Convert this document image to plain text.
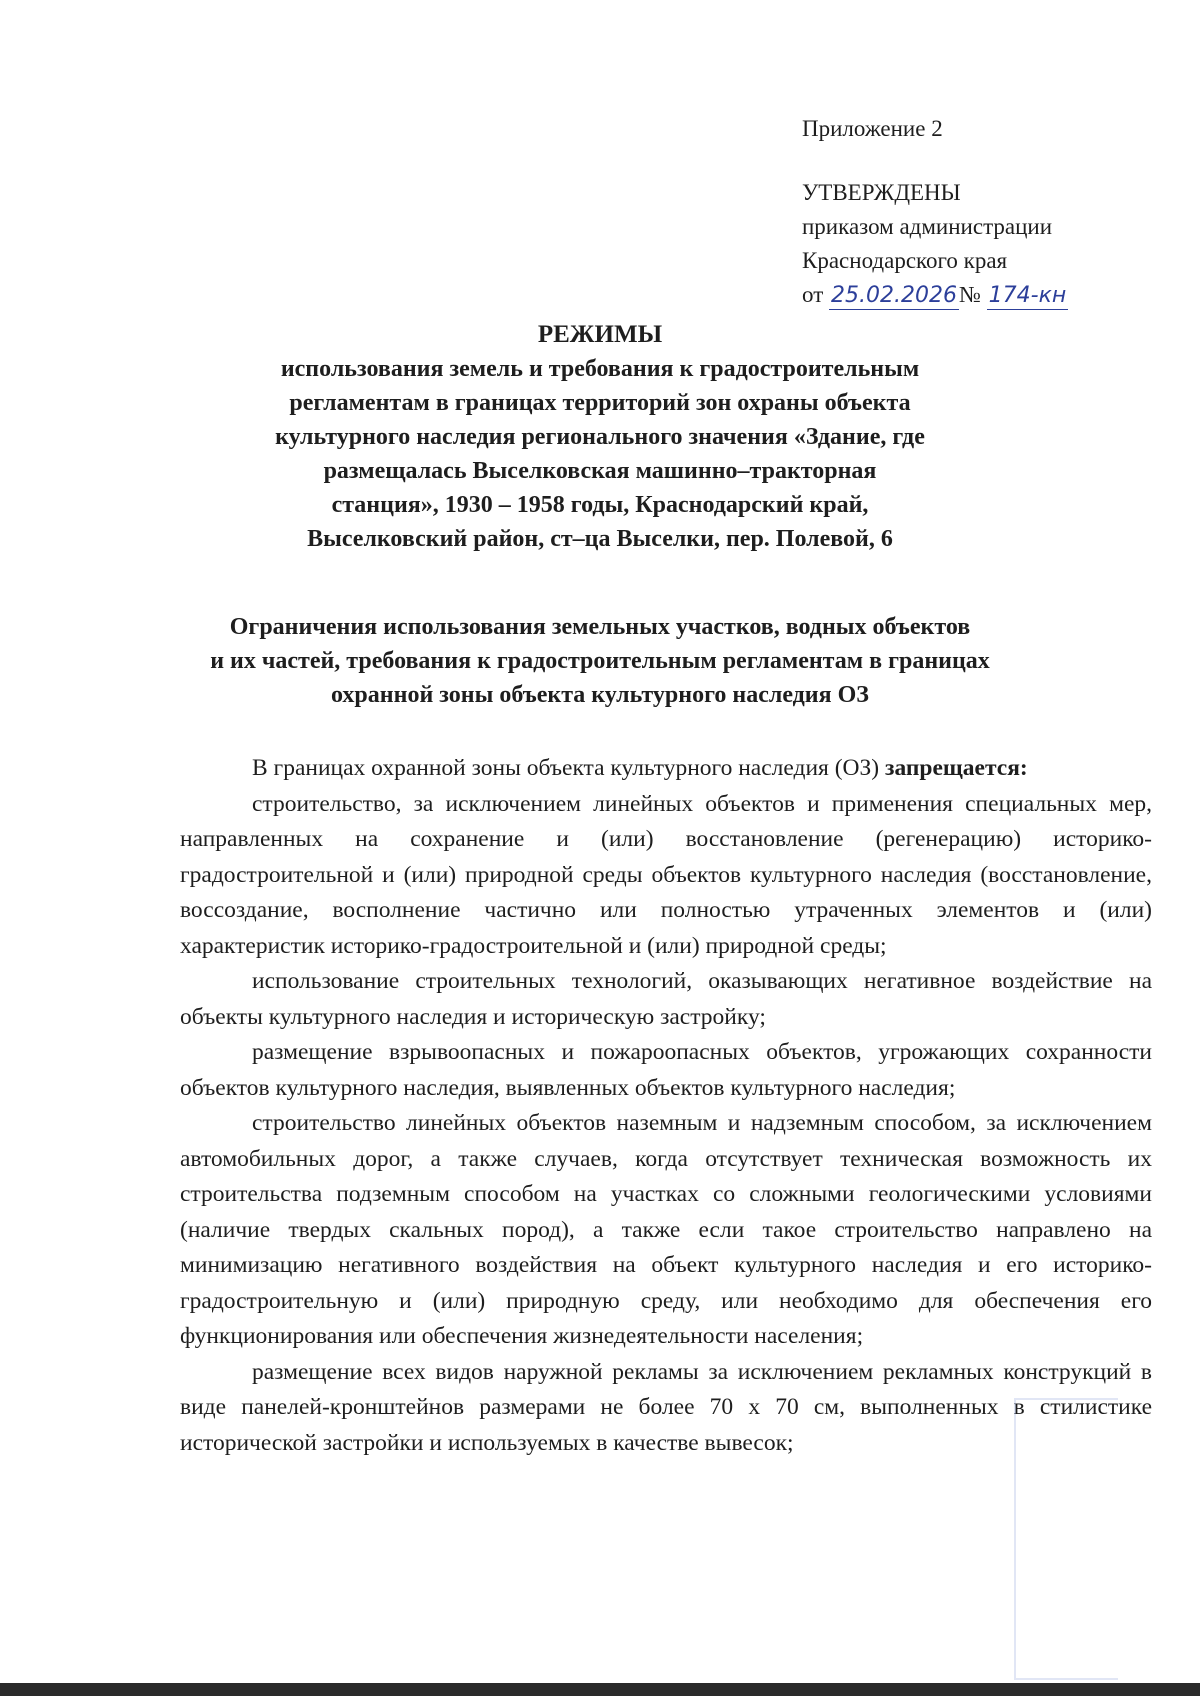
Приложение 2
УТВЕРЖДЕНЫ
приказом администрации
Краснодарского края
от 25.02.2026№ 174-кн
РЕЖИМЫ
использования земель и требования к градостроительным
регламентам в границах территорий зон охраны объекта
культурного наследия регионального значения «Здание, где
размещалась Выселковская машинно–тракторная
станция», 1930 – 1958 годы, Краснодарский край,
Выселковский район, ст–ца Выселки, пер. Полевой, 6
Ограничения использования земельных участков, водных объектов
и их частей, требования к градостроительным регламентам в границах
охранной зоны объекта культурного наследия ОЗ

В границах охранной зоны объекта культурного наследия (ОЗ) запрещается:

строительство, за исключением линейных объектов и применения специальных мер, направленных на сохранение и (или) восстановление (регенерацию) историко-градостроительной и (или) природной среды объектов культурного наследия (восстановление, воссоздание, восполнение частично или полностью утраченных элементов и (или) характеристик историко-градостроительной и (или) природной среды;

использование строительных технологий, оказывающих негативное воздействие на объекты культурного наследия и историческую застройку;

размещение взрывоопасных и пожароопасных объектов, угрожающих сохранности объектов культурного наследия, выявленных объектов культурного наследия;

строительство линейных объектов наземным и надземным способом, за исключением автомобильных дорог, а также случаев, когда отсутствует техническая возможность их строительства подземным способом на участках со сложными геологическими условиями (наличие твердых скальных пород), а также если такое строительство направлено на минимизацию негативного воздействия на объект культурного наследия и его историко-градостроительную и (или) природную среду, или необходимо для обеспечения его функционирования или обеспечения жизнедеятельности населения;

размещение всех видов наружной рекламы за исключением рекламных конструкций в виде панелей-кронштейнов размерами не более 70 x 70 см, выполненных в стилистике исторической застройки и используемых в качестве вывесок;
